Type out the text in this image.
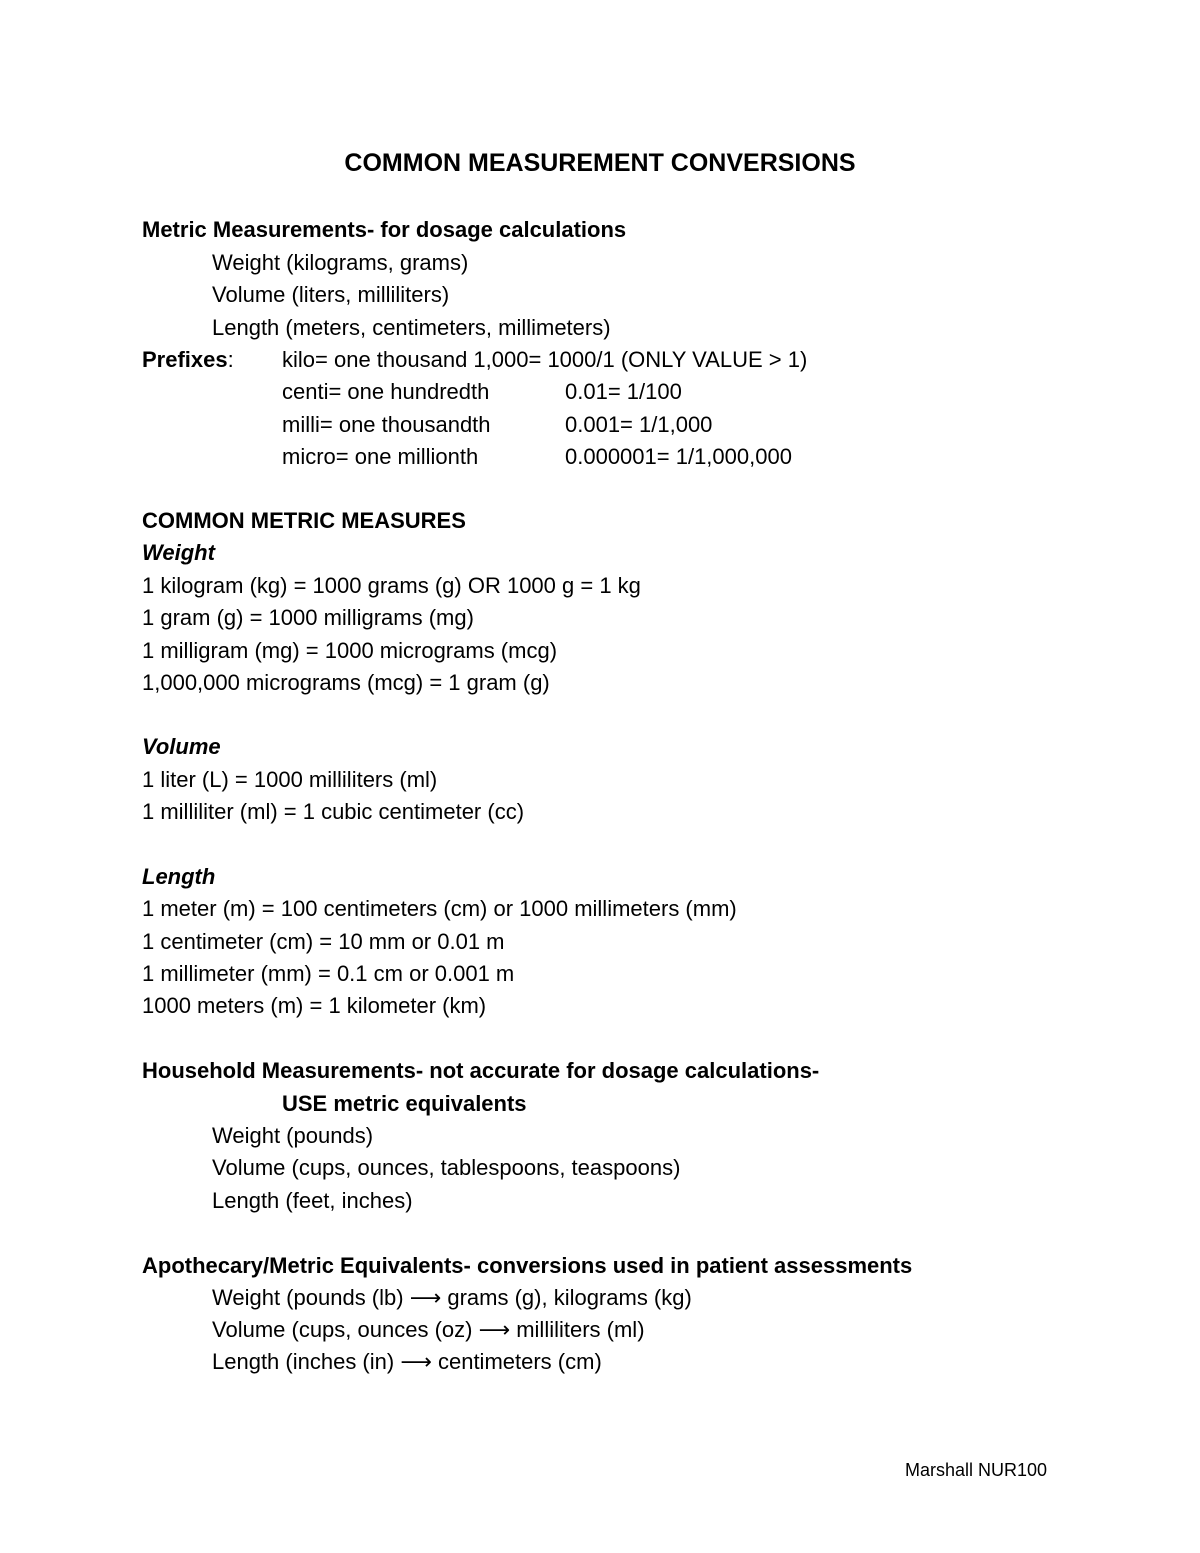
COMMON MEASUREMENT CONVERSIONS
Metric Measurements- for dosage calculations
Weight (kilograms, grams)
Volume (liters, milliliters)
Length (meters, centimeters, millimeters)
Prefixes: kilo= one thousand 1,000= 1000/1 (ONLY VALUE > 1)
centi= one hundredth	0.01= 1/100
milli= one thousandth	0.001= 1/1,000
micro= one millionth	0.000001= 1/1,000,000
COMMON METRIC MEASURES
Weight
1 kilogram (kg) = 1000 grams (g) OR 1000 g = 1 kg
1 gram (g) = 1000 milligrams (mg)
1 milligram (mg) = 1000 micrograms (mcg)
1,000,000 micrograms (mcg) = 1 gram (g)
Volume
1 liter (L) = 1000 milliliters (ml)
1 milliliter (ml) = 1 cubic centimeter (cc)
Length
1 meter (m) = 100 centimeters (cm) or 1000 millimeters (mm)
1 centimeter (cm) = 10 mm or 0.01 m
1 millimeter (mm) = 0.1 cm or 0.001 m
1000 meters (m) = 1 kilometer (km)
Household Measurements- not accurate for dosage calculations-
USE metric equivalents
Weight (pounds)
Volume (cups, ounces, tablespoons, teaspoons)
Length (feet, inches)
Apothecary/Metric Equivalents- conversions used in patient assessments
Weight (pounds (lb) ⟶ grams (g), kilograms (kg)
Volume (cups, ounces (oz) ⟶ milliliters (ml)
Length (inches (in) ⟶ centimeters (cm)
Marshall NUR100
